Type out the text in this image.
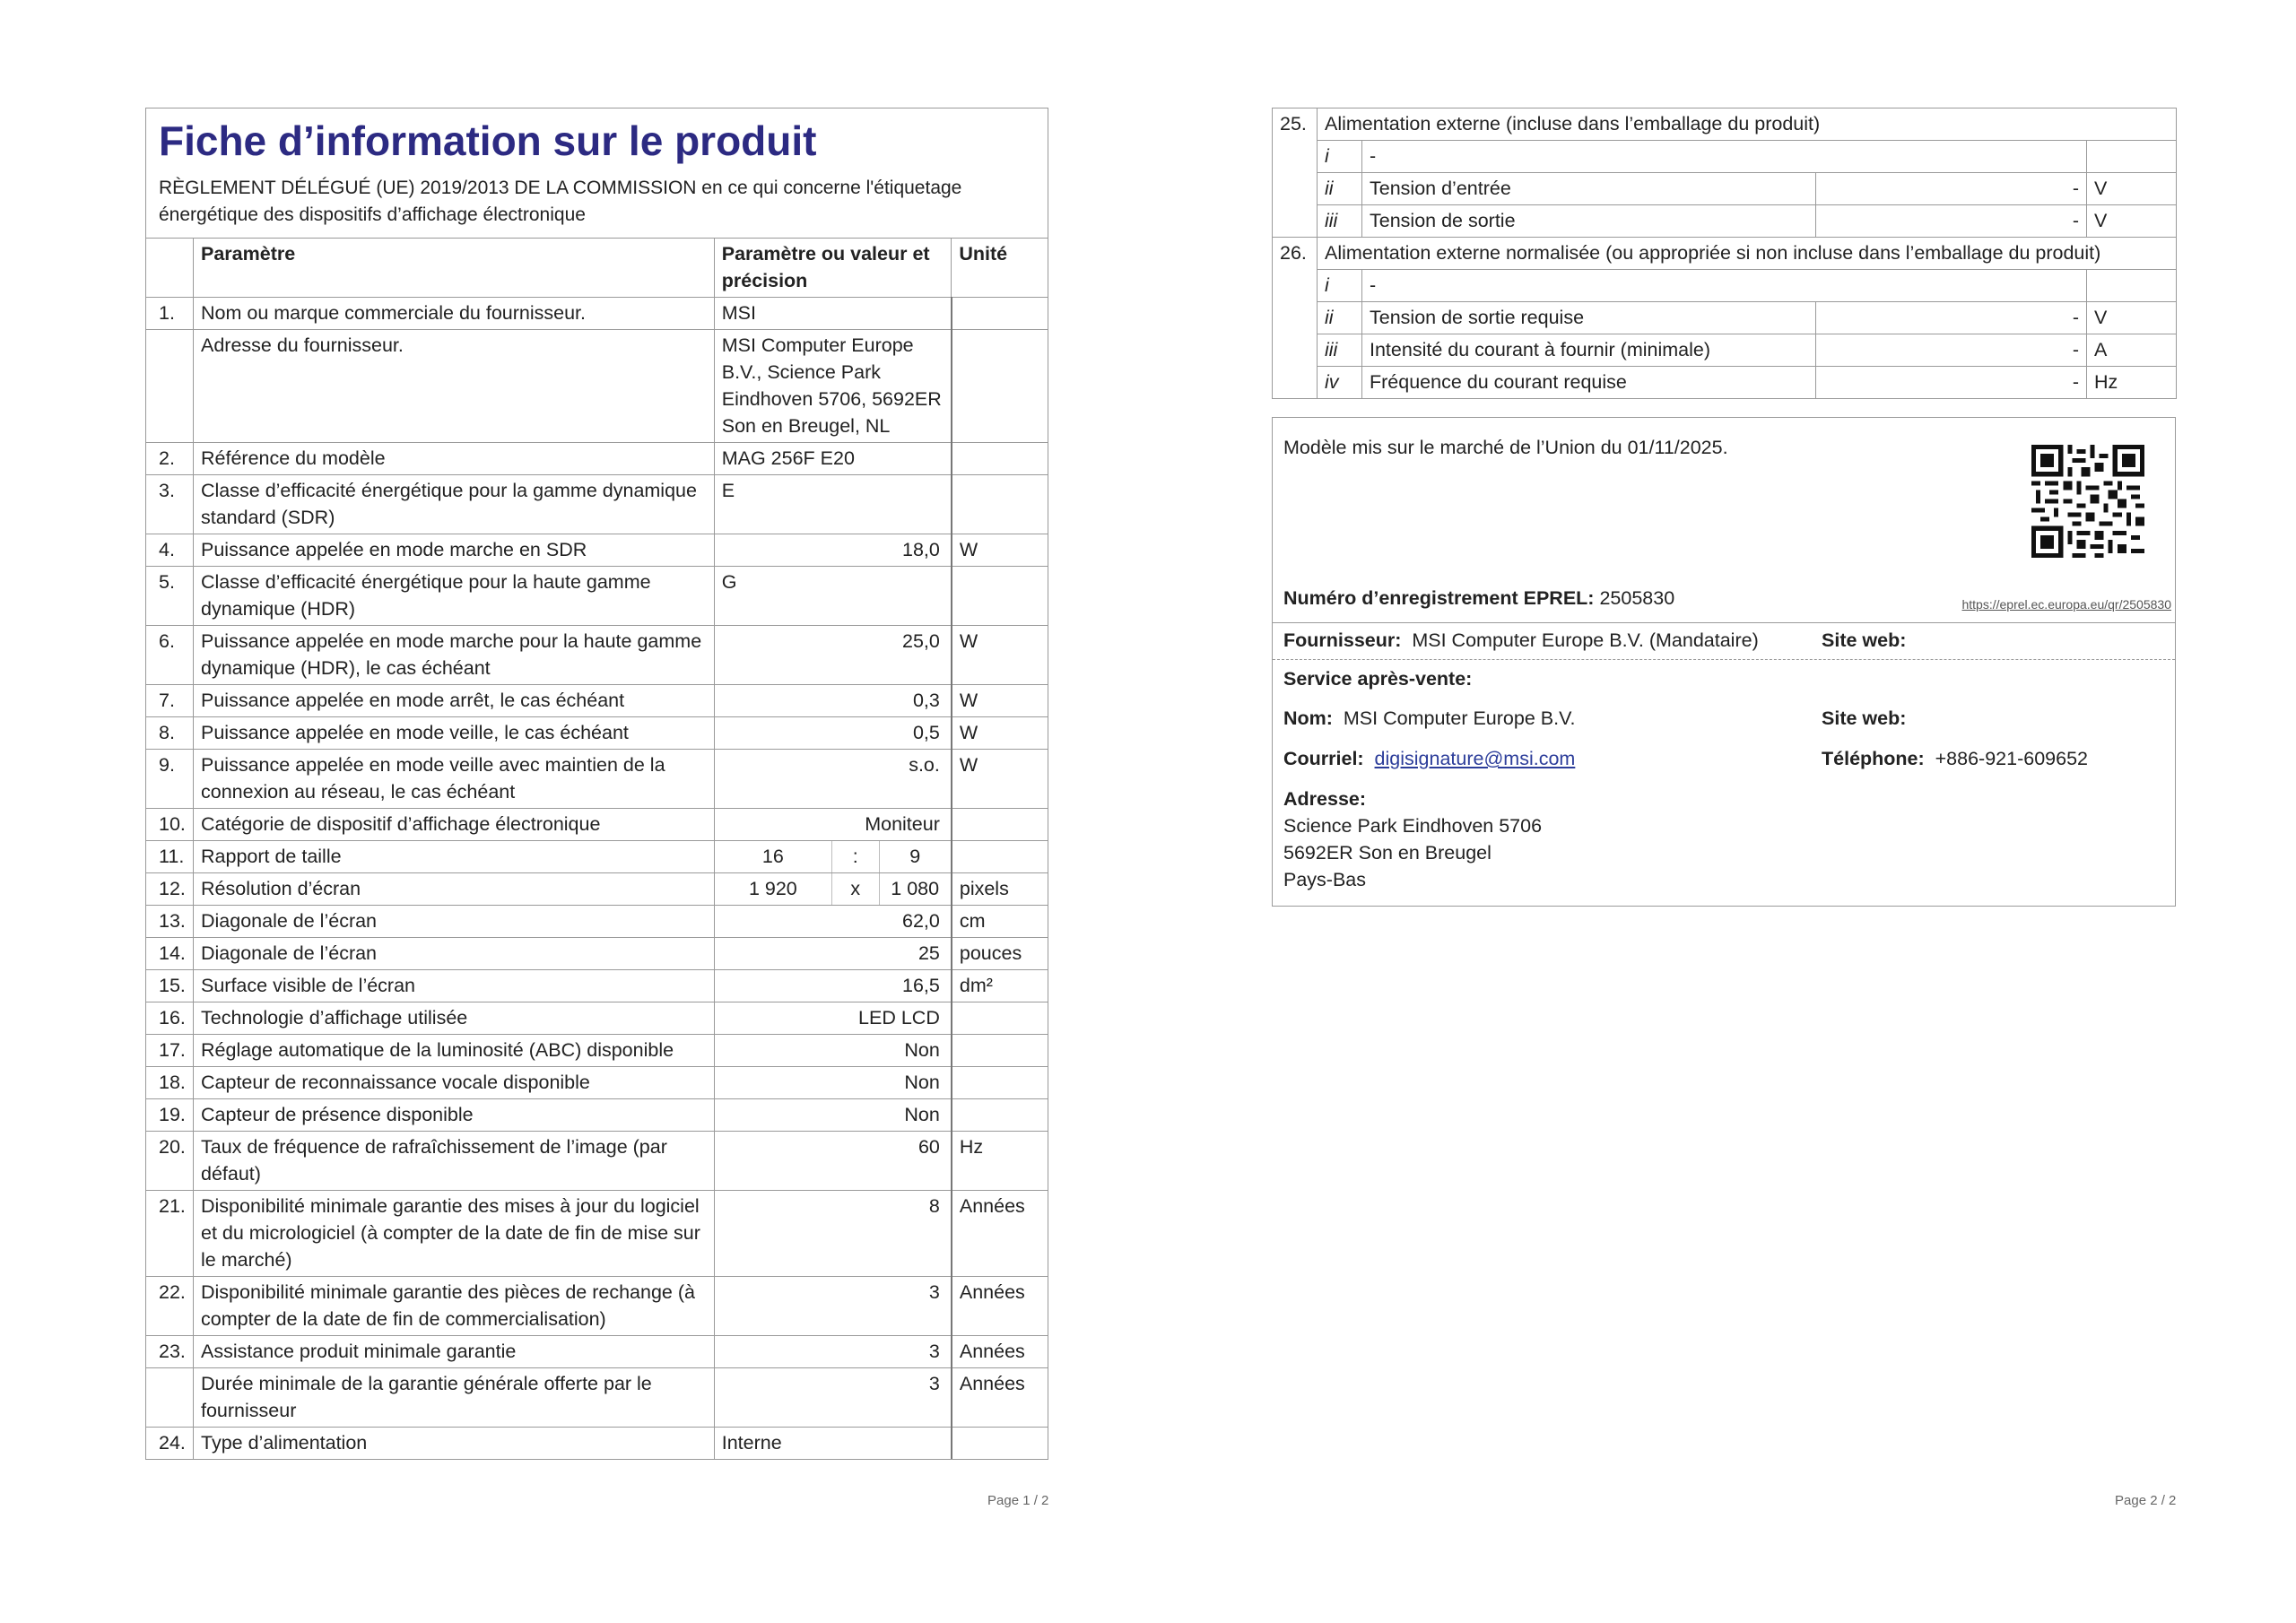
Fiche d’information sur le produit
RÈGLEMENT DÉLÉGUÉ (UE) 2019/2013 DE LA COMMISSION en ce qui concerne l'étiquetage énergétique des dispositifs d’affichage électronique
	Paramètre	Paramètre ou valeur et précision			Unité
1.	Nom ou marque commerciale du fournisseur.	MSI			
	Adresse du fournisseur.	MSI Computer Europe B.V., Science Park Eindhoven 5706, 5692ER Son en Breugel, NL			
2.	Référence du modèle	MAG 256F E20			
3.	Classe d’efficacité énergétique pour la gamme dynamique standard (SDR)	E			
4.	Puissance appelée en mode marche en SDR	18,0			W
5.	Classe d’efficacité énergétique pour la haute gamme dynamique (HDR)	G			
6.	Puissance appelée en mode marche pour la haute gamme dynamique (HDR), le cas échéant	25,0			W
7.	Puissance appelée en mode arrêt, le cas échéant	0,3			W
8.	Puissance appelée en mode veille, le cas échéant	0,5			W
9.	Puissance appelée en mode veille avec maintien de la connexion au réseau, le cas échéant	s.o.			W
10.	Catégorie de dispositif d’affichage électronique	Moniteur			
11.	Rapport de taille	16	:	9	
12.	Résolution d’écran	1 920	x	1 080	pixels
13.	Diagonale de l’écran	62,0			cm
14.	Diagonale de l’écran	25			pouces
15.	Surface visible de l’écran	16,5			dm²
16.	Technologie d’affichage utilisée	LED LCD			
17.	Réglage automatique de la luminosité (ABC) disponible	Non			
18.	Capteur de reconnaissance vocale disponible	Non			
19.	Capteur de présence disponible	Non			
20.	Taux de fréquence de rafraîchissement de l’image (par défaut)	60			Hz
21.	Disponibilité minimale garantie des mises à jour du logiciel et du micrologiciel (à compter de la date de fin de mise sur le marché)	8			Années
22.	Disponibilité minimale garantie des pièces de rechange (à compter de la date de fin de commercialisation)	3			Années
23.	Assistance produit minimale garantie	3			Années
	Durée minimale de la garantie générale offerte par le fournisseur	3			Années
24.	Type d’alimentation	Interne			
Page 1 / 2
25.	Alimentation externe (incluse dans l’emballage du produit)			
	i	-		
	ii	Tension d’entrée	-	V
	iii	Tension de sortie	-	V
26.	Alimentation externe normalisée (ou appropriée si non incluse dans l’emballage du produit)			
	i	-		
	ii	Tension de sortie requise	-	V
	iii	Intensité du courant à fournir (minimale)	-	A
	iv	Fréquence du courant requise	-	Hz
Modèle mis sur le marché de l’Union du 01/11/2025.
Numéro d’enregistrement EPREL: 2505830	https://eprel.ec.europa.eu/qr/2505830
Fournisseur: MSI Computer Europe B.V. (Mandataire)	Site web:
Service après-vente:
Nom: MSI Computer Europe B.V.	Site web:
Courriel: digisignature@msi.com	Téléphone: +886-921-609652
Adresse:
Science Park Eindhoven 5706
5692ER Son en Breugel
Pays-Bas
Page 2 / 2
